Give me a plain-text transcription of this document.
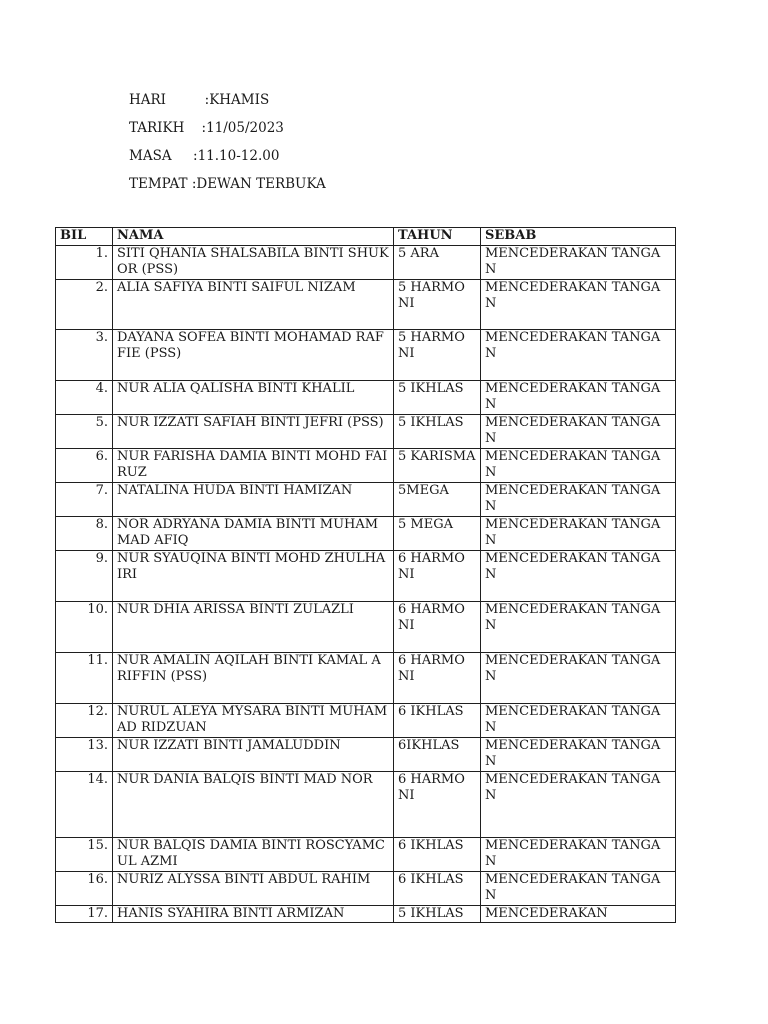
HARI         :KHAMIS
TARIKH    :11/05/2023
MASA     :11.10-12.00
TEMPAT :DEWAN TERBUKA
BIL	NAMA	TAHUN	SEBAB
1.	SITI QHANIA SHALSABILA BINTI SHUKOR (PSS)	5 ARA	MENCEDERAKAN TANGAN
2.	ALIA SAFIYA BINTI SAIFUL NIZAM	5 HARMONI	MENCEDERAKAN TANGAN
3.	DAYANA SOFEA BINTI MOHAMAD RAFFIE (PSS)	5 HARMONI	MENCEDERAKAN TANGAN
4.	NUR ALIA QALISHA BINTI KHALIL	5 IKHLAS	MENCEDERAKAN TANGAN
5.	NUR IZZATI SAFIAH BINTI JEFRI (PSS)	5 IKHLAS	MENCEDERAKAN TANGAN
6.	NUR FARISHA DAMIA BINTI MOHD FAIRUZ	5 KARISMA	MENCEDERAKAN TANGAN
7.	NATALINA HUDA BINTI HAMIZAN	5MEGA	MENCEDERAKAN TANGAN
8.	NOR ADRYANA DAMIA BINTI MUHAMMAD AFIQ	5 MEGA	MENCEDERAKAN TANGAN
9.	NUR SYAUQINA BINTI MOHD ZHULHAIRI	6 HARMONI	MENCEDERAKAN TANGAN
10.	NUR DHIA ARISSA BINTI ZULAZLI	6 HARMONI	MENCEDERAKAN TANGAN
11.	NUR AMALIN AQILAH BINTI KAMAL ARIFFIN (PSS)	6 HARMONI	MENCEDERAKAN TANGAN
12.	NURUL ALEYA MYSARA BINTI MUHAMAD RIDZUAN	6 IKHLAS	MENCEDERAKAN TANGAN
13.	NUR IZZATI BINTI JAMALUDDIN	6IKHLAS	MENCEDERAKAN TANGAN
14.	NUR DANIA BALQIS BINTI MAD NOR	6 HARMONI	MENCEDERAKAN TANGAN
15.	NUR BALQIS DAMIA BINTI ROSCYAMCUL AZMI	6 IKHLAS	MENCEDERAKAN TANGAN
16.	NURIZ ALYSSA BINTI ABDUL RAHIM	6 IKHLAS	MENCEDERAKAN TANGAN
17.	HANIS SYAHIRA BINTI ARMIZAN	5 IKHLAS	MENCEDERAKAN
